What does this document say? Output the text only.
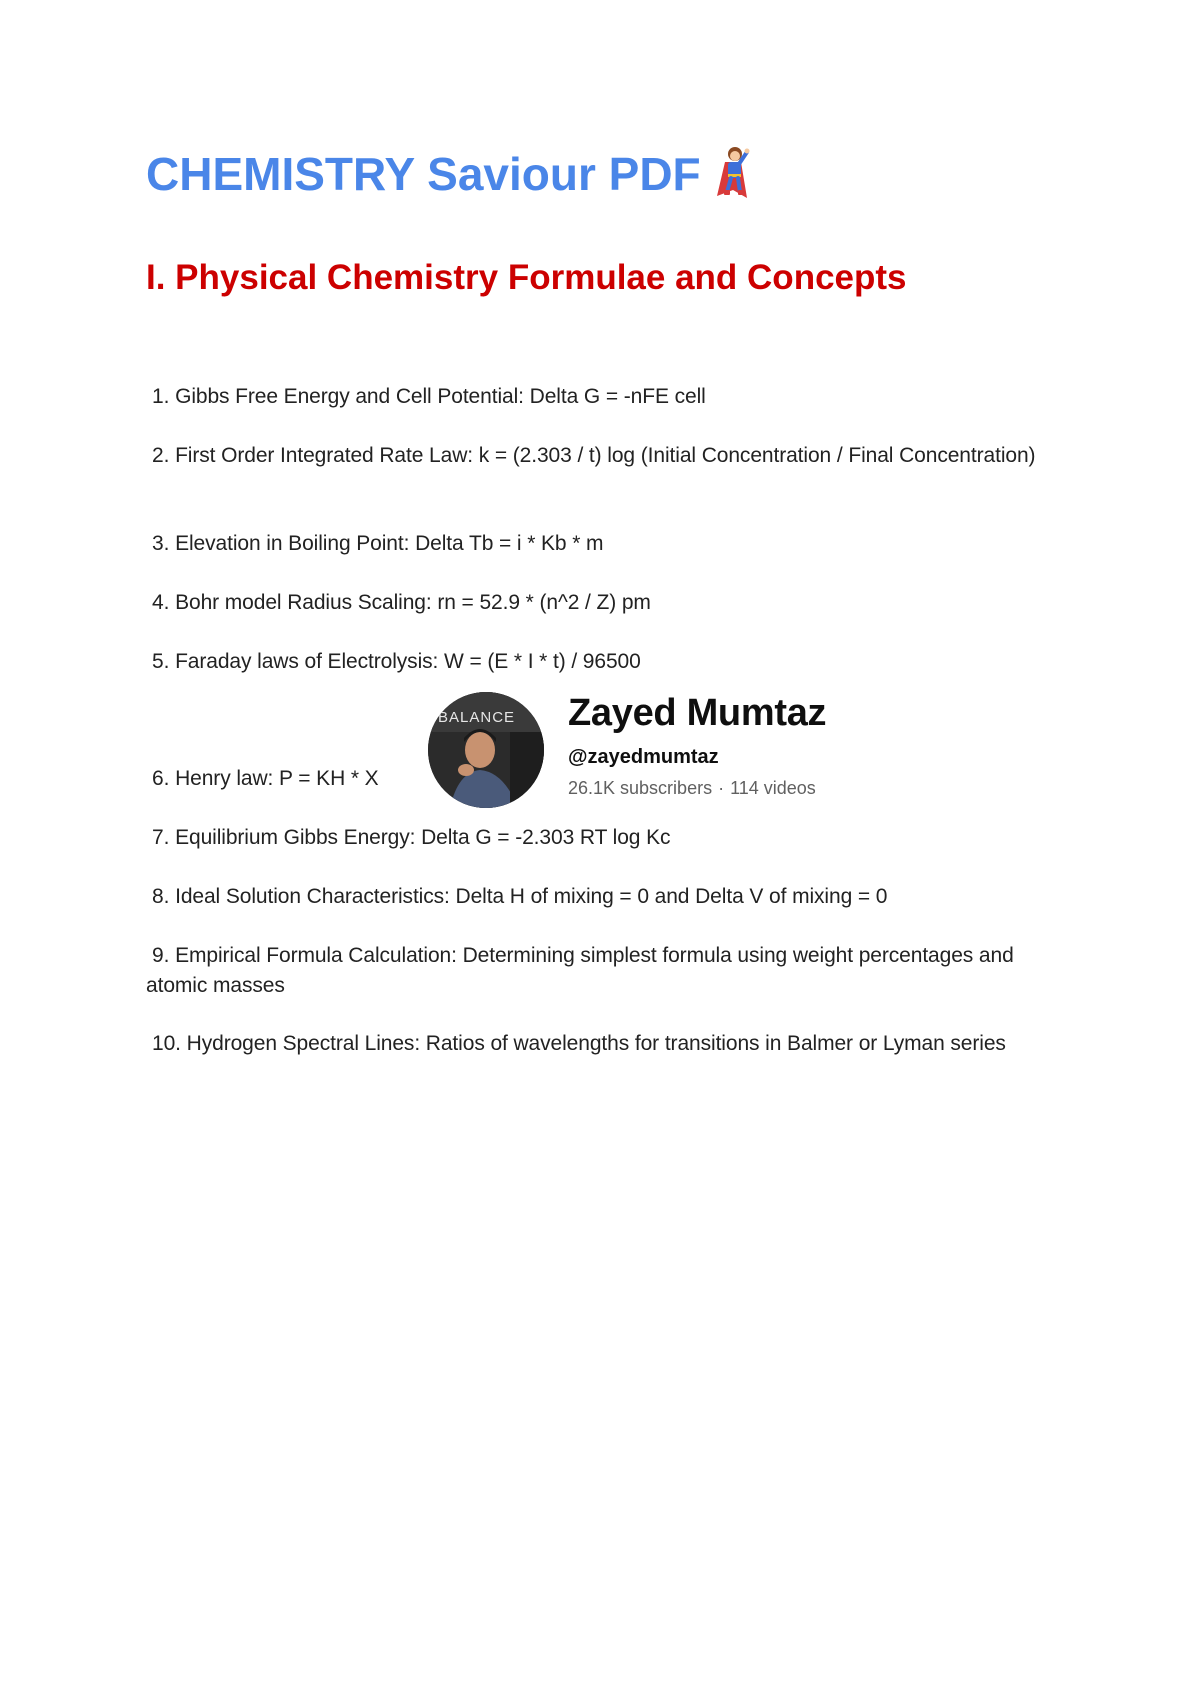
CHEMISTRY Saviour PDF
I. Physical Chemistry Formulae and Concepts

1. Gibbs Free Energy and Cell Potential: Delta G = -nFE cell

2. First Order Integrated Rate Law: k = (2.303 / t) log (Initial Concentration / Final Concentration)

3. Elevation in Boiling Point: Delta Tb = i * Kb * m

4. Bohr model Radius Scaling: rn = 52.9 * (n^2 / Z) pm

5. Faraday laws of Electrolysis: W = (E * I * t) / 96500

6. Henry law: P = KH * X

7. Equilibrium Gibbs Energy: Delta G = -2.303 RT log Kc

8. Ideal Solution Characteristics: Delta H of mixing = 0 and Delta V of mixing = 0

9. Empirical Formula Calculation: Determining simplest formula using weight percentages and atomic masses

10. Hydrogen Spectral Lines: Ratios of wavelengths for transitions in Balmer or Lyman series

BALANCE Zayed Mumtaz
@zayedmumtaz
26.1K subscribers · 114 videos
